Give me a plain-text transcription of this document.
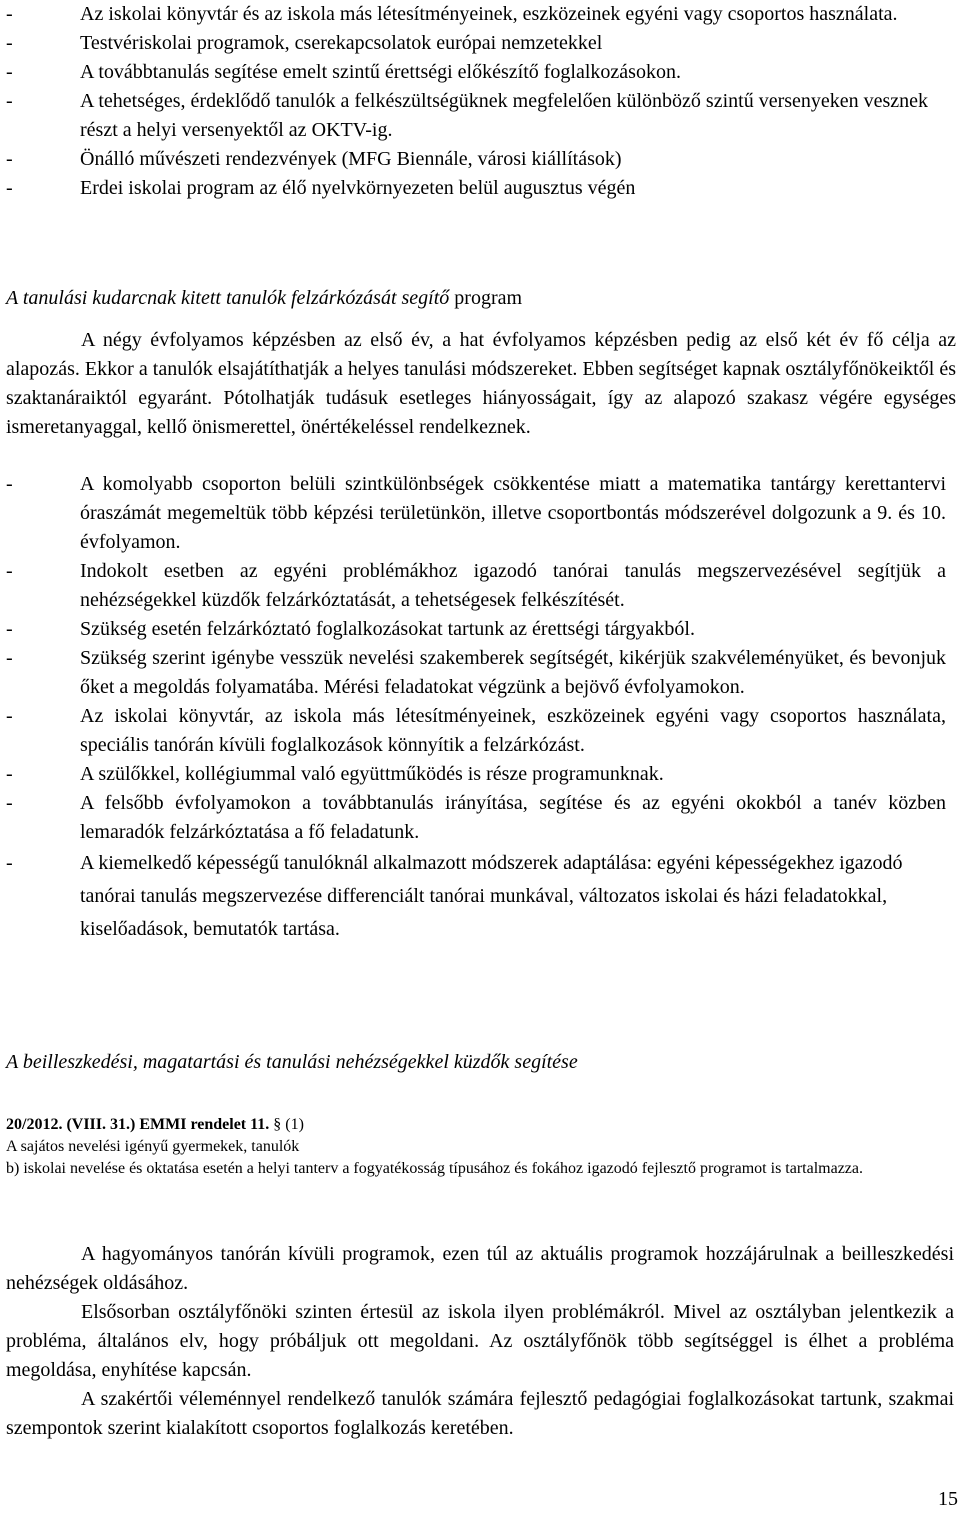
-	Az iskolai könyvtár és az iskola más létesítményeinek, eszközeinek egyéni vagy csoportos használata.
-	Testvériskolai programok, cserekapcsolatok európai nemzetekkel
-	A továbbtanulás segítése emelt szintű érettségi előkészítő foglalkozásokon.
-	A tehetséges, érdeklődő tanulók a felkészültségüknek megfelelően különböző szintű versenyeken vesznek részt a helyi versenyektől az OKTV-ig.
-	Önálló művészeti rendezvények (MFG Biennále, városi kiállítások)
-	Erdei iskolai program az élő nyelvkörnyezeten belül augusztus végén
A tanulási kudarcnak kitett tanulók felzárkózását segítő program

A négy évfolyamos képzésben az első év, a hat évfolyamos képzésben pedig az első két év fő célja az alapozás. Ekkor a tanulók elsajátíthatják a helyes tanulási módszereket. Ebben segítséget kapnak osztályfőnökeiktől és szaktanáraiktól egyaránt. Pótolhatják tudásuk esetleges hiányosságait, így az alapozó szakasz végére egységes ismeretanyaggal, kellő önismerettel, önértékeléssel rendelkeznek.

-	A komolyabb csoporton belüli szintkülönbségek csökkentése miatt a matematika tantárgy kerettantervi óraszámát megemeltük több képzési területünkön, illetve csoportbontás módszerével dolgozunk a 9. és 10. évfolyamon.
-	Indokolt esetben az egyéni problémákhoz igazodó tanórai tanulás megszervezésével segítjük a nehézségekkel küzdők felzárkóztatását, a tehetségesek felkészítését.
-	Szükség esetén felzárkóztató foglalkozásokat tartunk az érettségi tárgyakból.
-	Szükség szerint igénybe vesszük nevelési szakemberek segítségét, kikérjük szakvéleményüket, és bevonjuk őket a megoldás folyamatába. Mérési feladatokat végzünk a bejövő évfolyamokon.
-	Az iskolai könyvtár, az iskola más létesítményeinek, eszközeinek egyéni vagy csoportos használata, speciális tanórán kívüli foglalkozások könnyítik a felzárkózást.
-	A szülőkkel, kollégiummal való együttműködés is része programunknak.
-	A felsőbb évfolyamokon a továbbtanulás irányítása, segítése és az egyéni okokból a tanév közben lemaradók felzárkóztatása a fő feladatunk.
-	A kiemelkedő képességű tanulóknál alkalmazott módszerek adaptálása: egyéni képességekhez igazodó tanórai tanulás megszervezése differenciált tanórai munkával, változatos iskolai és házi feladatokkal, kiselőadások, bemutatók tartása.
A beilleszkedési, magatartási és tanulási nehézségekkel küzdők segítése

20/2012. (VIII. 31.) EMMI rendelet 11. § (1)

A sajátos nevelési igényű gyermekek, tanulók

b) iskolai nevelése és oktatása esetén a helyi tanterv a fogyatékosság típusához és fokához igazodó fejlesztő programot is tartalmazza.

A hagyományos tanórán kívüli programok, ezen túl az aktuális programok hozzájárulnak a beilleszkedési nehézségek oldásához.

Elsősorban osztályfőnöki szinten értesül az iskola ilyen problémákról. Mivel az osztályban jelentkezik a probléma, általános elv, hogy próbáljuk ott megoldani. Az osztályfőnök több segítséggel is élhet a probléma megoldása, enyhítése kapcsán.

A szakértői véleménnyel rendelkező tanulók számára fejlesztő pedagógiai foglalkozásokat tartunk, szakmai szempontok szerint kialakított csoportos foglalkozás keretében.

15
